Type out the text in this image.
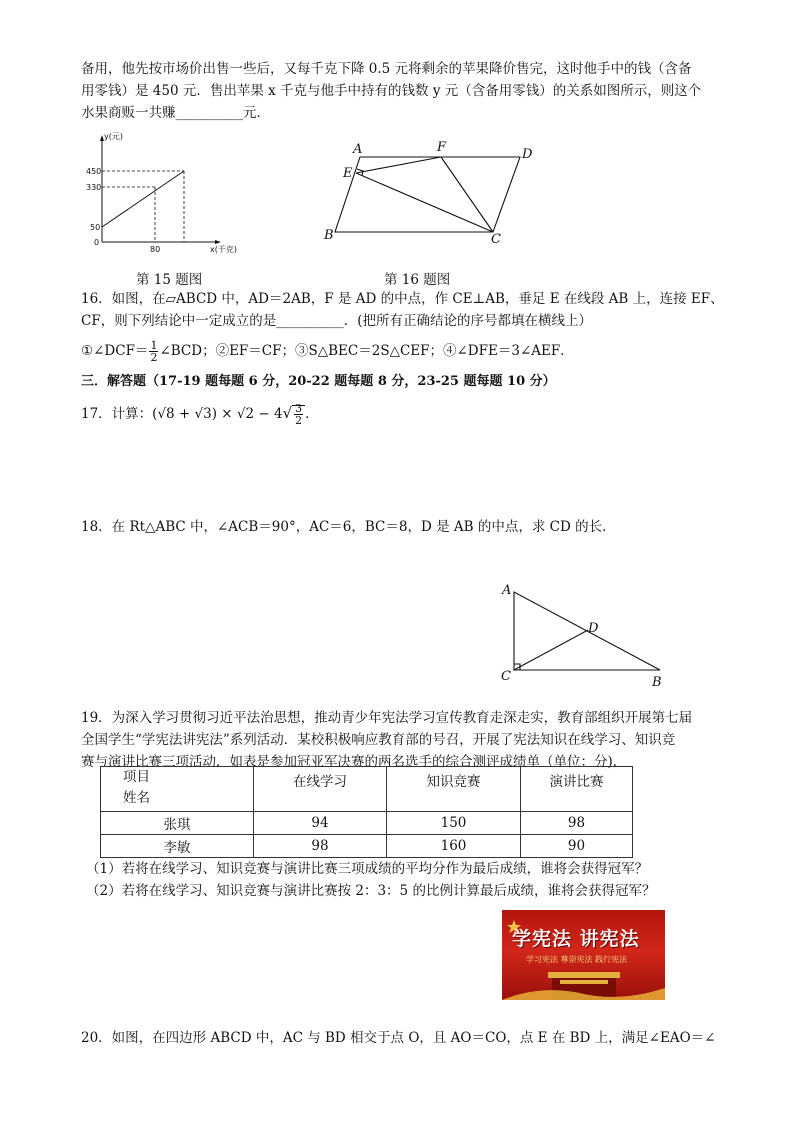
备用，他先按市场价出售一些后，又每千克下降 0.5 元将剩余的苹果降价售完，这时他手中的钱（含备
用零钱）是 450 元．售出苹果 x 千克与他手中持有的钱数 y 元（含备用零钱）的关系如图所示，则这个
水果商贩一共赚__________元．
y(元)
x(千克)
0
450
330
50
80
A	F	D
E
B	C
第 15 题图	第 16 题图
16．如图，在▱ABCD 中，AD＝2AB，F 是 AD 的中点，作 CE⊥AB，垂足 E 在线段 AB 上，连接 EF、
CF，则下列结论中一定成立的是__________．(把所有正确结论的序号都填在横线上）
①∠DCF＝ $\frac{1}{2}$ ∠BCD；②EF＝CF；③S△BEC＝2S△CEF；④∠DFE＝3∠AEF．
三．解答题（17-19 题每题 6 分，20-22 题每题 8 分，23-25 题每题 10 分）
17．计算：$(√8 + √3) \times √2 - 4√ \frac{3}{2}$ ．
18．在 Rt△ABC 中，∠ACB＝90°，AC＝6，BC＝8，D 是 AB 的中点，求 CD 的长．
A
D
C	B
19．为深入学习贯彻习近平法治思想，推动青少年宪法学习宣传教育走深走实，教育部组织开展第七届
全国学生“学宪法讲宪法”系列活动．某校积极响应教育部的号召，开展了宪法知识在线学习、知识竞
赛与演讲比赛三项活动．如表是参加冠亚军决赛的两名选手的综合测评成绩单（单位：分)．
项目
姓名	在线学习	知识竞赛	演讲比赛
张琪	94	150	98
李敏	98	160	90
（1）若将在线学习、知识竞赛与演讲比赛三项成绩的平均分作为最后成绩，谁将会获得冠军？
（2）若将在线学习、知识竞赛与演讲比赛按 2：3：5 的比例计算最后成绩，谁将会获得冠军？
学宪法 讲宪法
学习宪法 尊崇宪法 践行宪法
20．如图，在四边形 ABCD 中，AC 与 BD 相交于点 O，且 AO＝CO，点 E 在 BD 上，满足∠EAO＝∠
